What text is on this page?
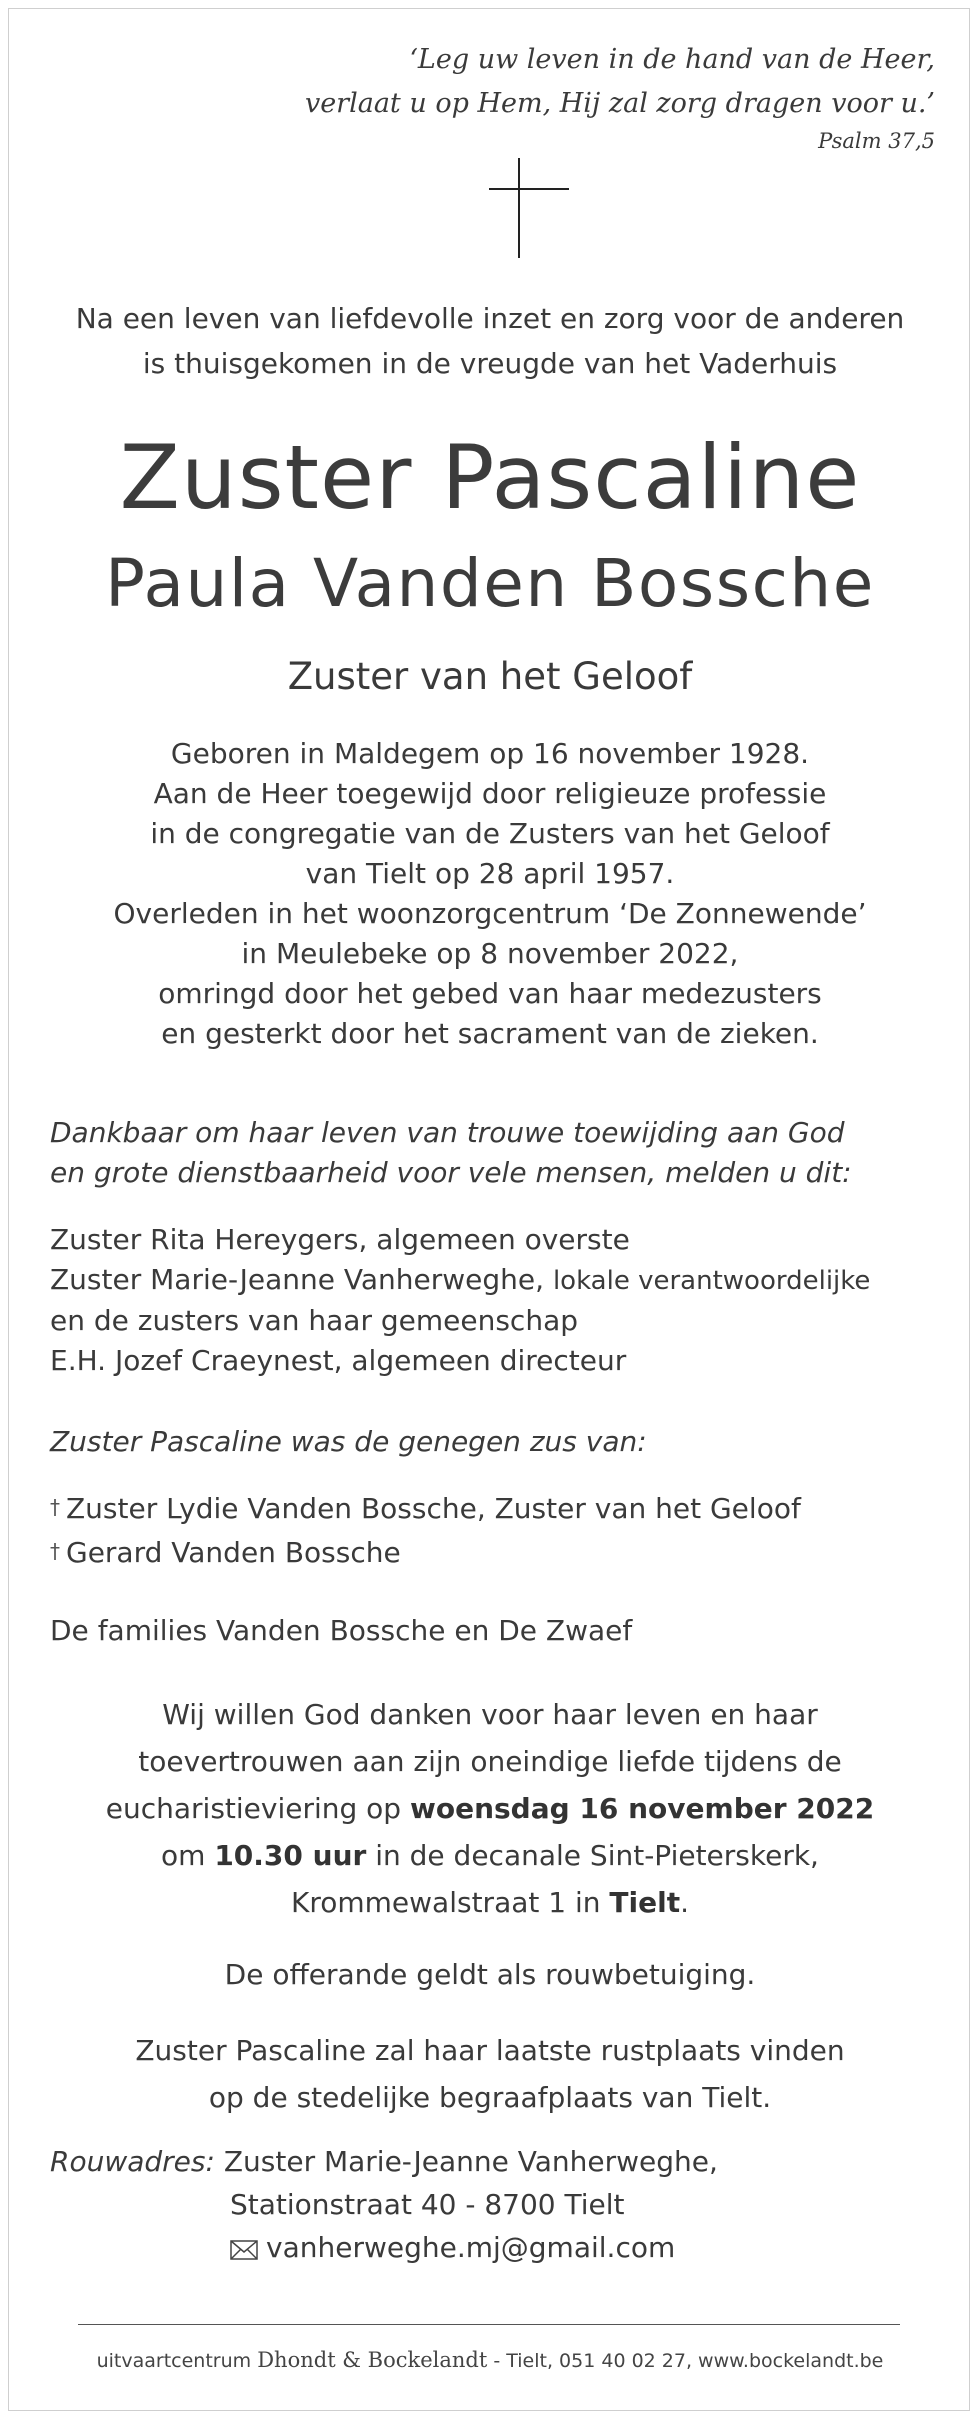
‘Leg uw leven in de hand van de Heer,
verlaat u op Hem, Hij zal zorg dragen voor u.’
Psalm 37,5
Na een leven van liefdevolle inzet en zorg voor de anderen
is thuisgekomen in de vreugde van het Vaderhuis
Zuster Pascaline
Paula Vanden Bossche
Zuster van het Geloof
Geboren in Maldegem op 16 november 1928.
Aan de Heer toegewijd door religieuze professie
in de congregatie van de Zusters van het Geloof
van Tielt op 28 april 1957.
Overleden in het woonzorgcentrum ‘De Zonnewende’
in Meulebeke op 8 november 2022,
omringd door het gebed van haar medezusters
en gesterkt door het sacrament van de zieken.
Dankbaar om haar leven van trouwe toewijding aan God
en grote dienstbaarheid voor vele mensen, melden u dit:
Zuster Rita Hereygers, algemeen overste
Zuster Marie-Jeanne Vanherweghe, lokale verantwoordelijke
en de zusters van haar gemeenschap
E.H. Jozef Craeynest, algemeen directeur
Zuster Pascaline was de genegen zus van:
† Zuster Lydie Vanden Bossche, Zuster van het Geloof
† Gerard Vanden Bossche
De families Vanden Bossche en De Zwaef
Wij willen God danken voor haar leven en haar
toevertrouwen aan zijn oneindige liefde tijdens de
eucharistieviering op woensdag 16 november 2022
om 10.30 uur in de decanale Sint-Pieterskerk,
Krommewalstraat 1 in Tielt.
De offerande geldt als rouwbetuiging.
Zuster Pascaline zal haar laatste rustplaats vinden
op de stedelijke begraafplaats van Tielt.
Rouwadres: Zuster Marie-Jeanne Vanherweghe,
Stationstraat 40 - 8700 Tielt
vanherweghe.mj@gmail.com
uitvaartcentrum Dhondt & Bockelandt - Tielt, 051 40 02 27, www.bockelandt.be
